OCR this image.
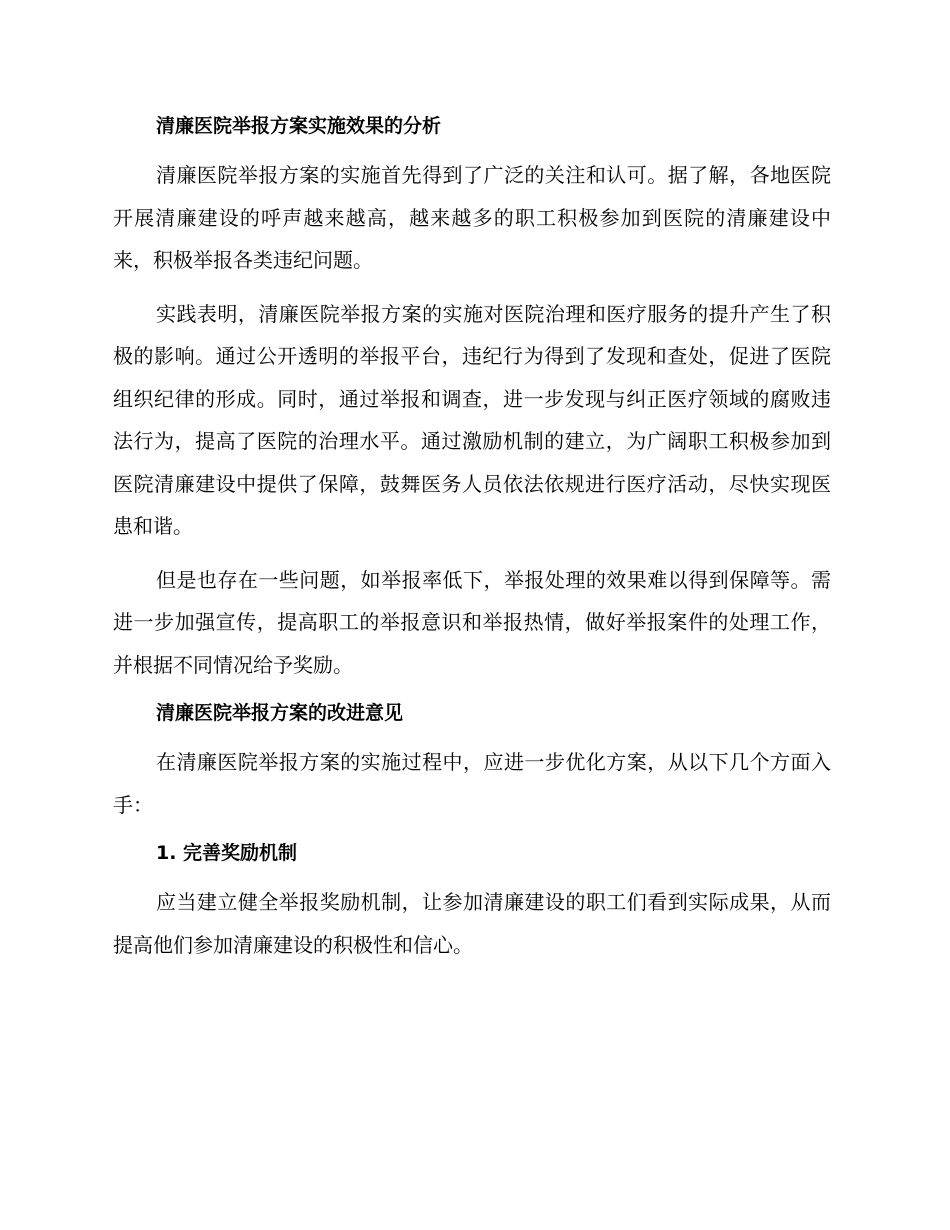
清廉医院举报方案实施效果的分析

清廉医院举报方案的实施首先得到了广泛的关注和认可。据了解，各地医院开展清廉建设的呼声越来越高，越来越多的职工积极参加到医院的清廉建设中来，积极举报各类违纪问题。

实践表明，清廉医院举报方案的实施对医院治理和医疗服务的提升产生了积极的影响。通过公开透明的举报平台，违纪行为得到了发现和查处，促进了医院组织纪律的形成。同时，通过举报和调查，进一步发现与纠正医疗领域的腐败违法行为，提高了医院的治理水平。通过激励机制的建立，为广阔职工积极参加到医院清廉建设中提供了保障，鼓舞医务人员依法依规进行医疗活动，尽快实现医患和谐。

但是也存在一些问题，如举报率低下，举报处理的效果难以得到保障等。需进一步加强宣传，提高职工的举报意识和举报热情，做好举报案件的处理工作，并根据不同情况给予奖励。

清廉医院举报方案的改进意见

在清廉医院举报方案的实施过程中，应进一步优化方案，从以下几个方面入手：

1. 完善奖励机制

应当建立健全举报奖励机制，让参加清廉建设的职工们看到实际成果，从而提高他们参加清廉建设的积极性和信心。
